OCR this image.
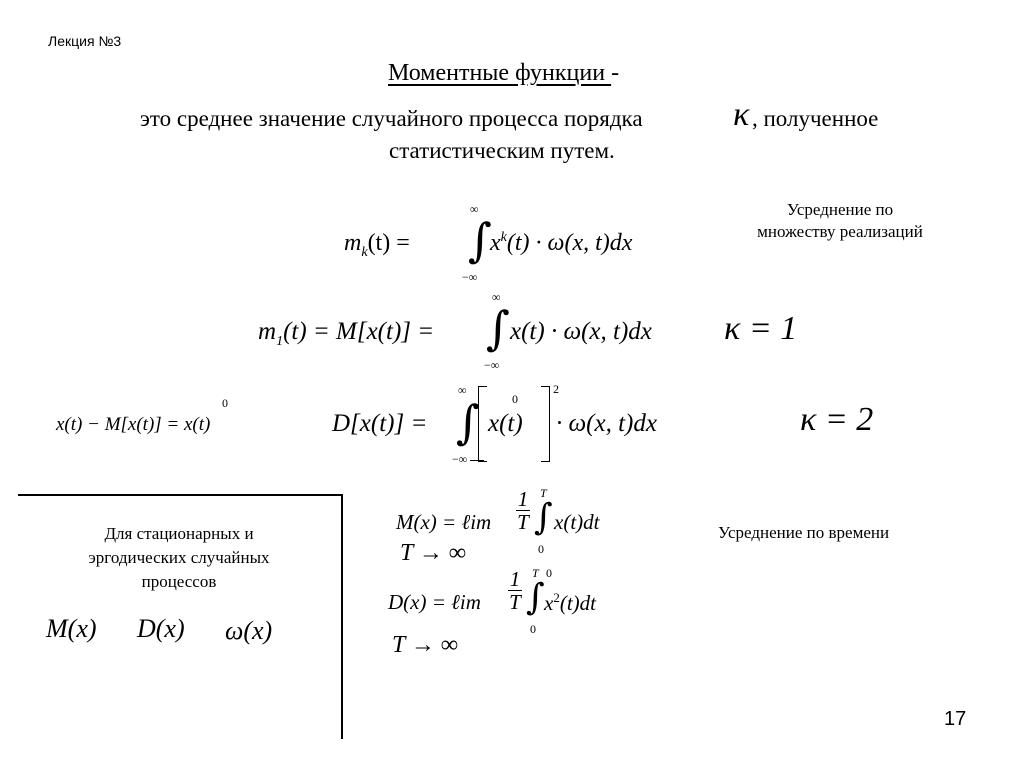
Лекция №3
Моментные функции -
это среднее значение случайного процесса порядка	κ , полученное
статистическим путем.
Усреднение по
множеству реализаций
$m_k(t)$ =
∞
∫
−∞
$x^k(t) \cdot \omega(x$, t)dx
$m_1(t) = M[x(t)]$ =
∞
∫
−∞
x(t) · ω(x, t)dx κ = 1
0
x(t) − M[x(t)] = x(t)	D[x(t)] =
∞
∫
−∞
0
x(t)
2
· ω(x, t)dx	κ = 2
Для стационарных и
эргодических случайных
процессов
M(x) D(x) ω(x)
M(x) = ℓim $\frac{1}{T}$ T
∫
0
x(t)dt
T → ∞
Усреднение по времени
D(x) = ℓim $\frac{1}{T}$ T 0
∫
0
$x^2(t)dt$
T → ∞
17
